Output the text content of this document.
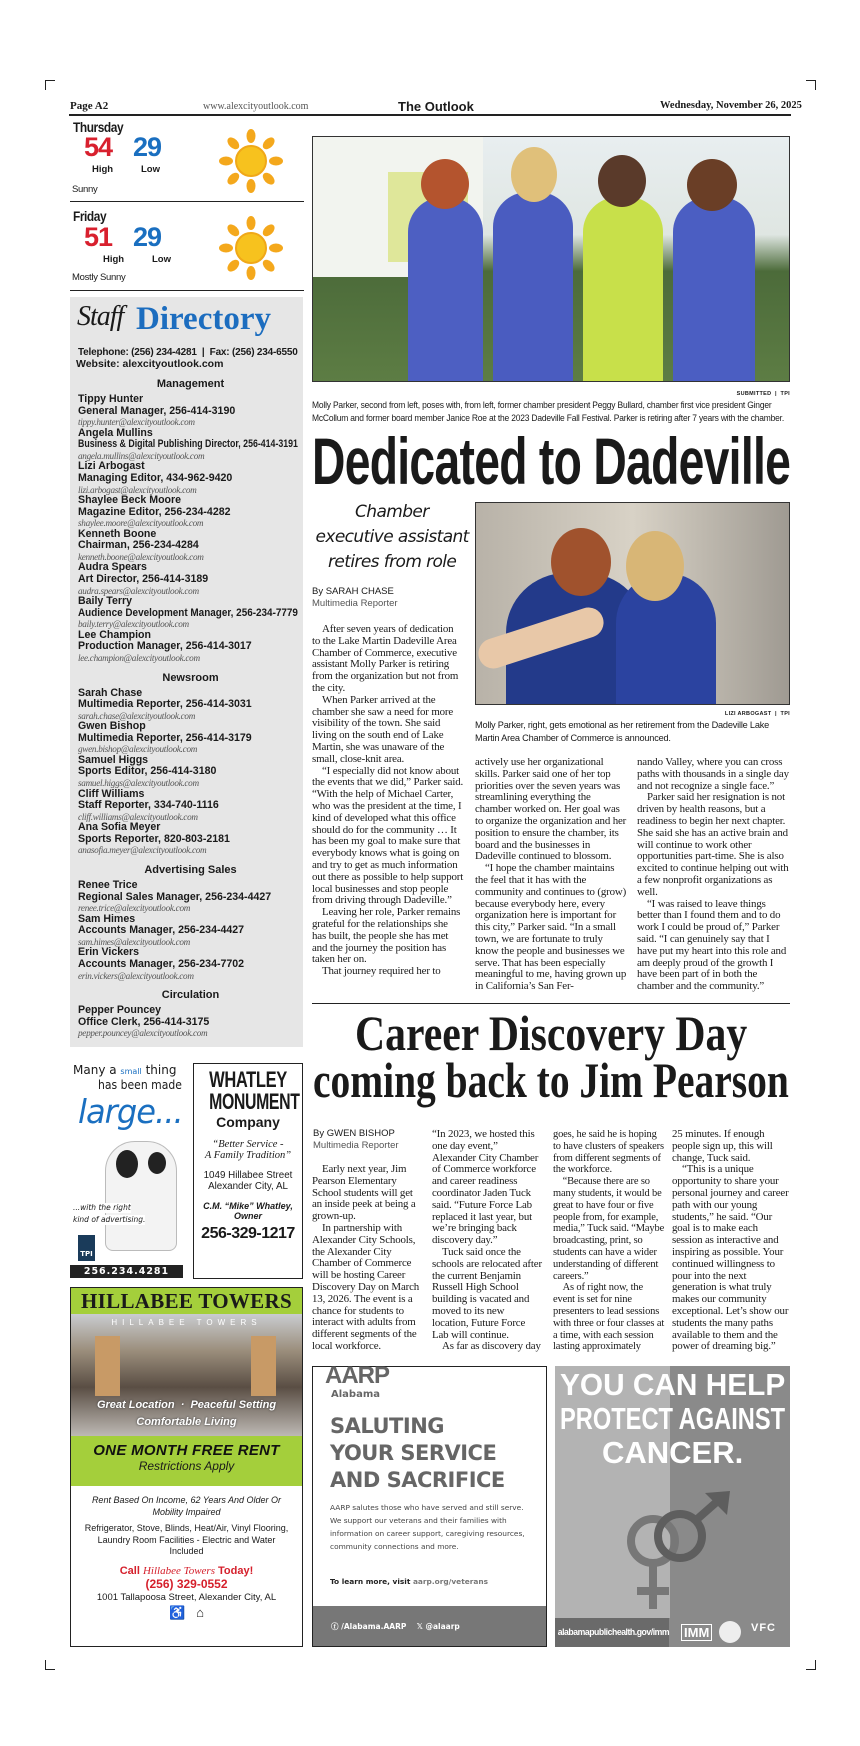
Page A2	www.alexcityoutlook.com	The Outlook	Wednesday, November 26, 2025
Thursday
54 29
High	Low
Sunny
Friday
51 29
High	Low
Mostly Sunny
Staff Directory
Telephone: (256) 234-4281  |  Fax: (256) 234-6550
Website: alexcityoutlook.com
Management
Tippy Hunter
General Manager, 256-414-3190
tippy.hunter@alexcityoutlook.com
Angela Mullins
Business & Digital Publishing Director, 256-414-3191
angela.mullins@alexcityoutlook.com
Lizi Arbogast
Managing Editor, 434-962-9420
lizi.arbogast@alexcityoutlook.com
Shaylee Beck Moore
Magazine Editor, 256-234-4282
shaylee.moore@alexcityoutlook.com
Kenneth Boone
Chairman, 256-234-4284
kenneth.boone@alexcityoutlook.com
Audra Spears
Art Director, 256-414-3189
audra.spears@alexcityoutlook.com
Baily Terry
Audience Development Manager, 256-234-7779
baily.terry@alexcityoutlook.com
Lee Champion
Production Manager, 256-414-3017
lee.champion@alexcityoutlook.com
Newsroom
Sarah Chase
Multimedia Reporter, 256-414-3031
sarah.chase@alexcityoutlook.com
Gwen Bishop
Multimedia Reporter, 256-414-3179
gwen.bishop@alexcityoutlook.com
Samuel Higgs
Sports Editor, 256-414-3180
samuel.higgs@alexcityoutlook.com
Cliff Williams
Staff Reporter, 334-740-1116
cliff.williams@alexcityoutlook.com
Ana Sofia Meyer
Sports Reporter, 820-803-2181
anasofia.meyer@alexcityoutlook.com
Advertising Sales
Renee Trice
Regional Sales Manager, 256-234-4427
renee.trice@alexcityoutlook.com
Sam Himes
Accounts Manager, 256-234-4427
sam.himes@alexcityoutlook.com
Erin Vickers
Accounts Manager, 256-234-7702
erin.vickers@alexcityoutlook.com
Circulation
Pepper Pouncey
Office Clerk, 256-414-3175
pepper.pouncey@alexcityoutlook.com
SUBMITTED  |  TPI
Molly Parker, second from left, poses with, from left, former chamber president Peggy Bullard, chamber first vice president Ginger McCollum and former board member Janice Roe at the 2023 Dadeville Fall Festival. Parker is retiring after 7 years with the chamber.
Dedicated to Dadeville
Chamber
executive assistant
retires from role
By SARAH CHASE
Multimedia Reporter
LIZI ARBOGAST  |  TPI
Molly Parker, right, gets emotional as her retirement from the Dadeville Lake Martin Area Chamber of Commerce is announced.

After seven years of dedication to the Lake Martin Dadeville Area Chamber of Commerce, executive assistant Molly Parker is retiring from the organization but not from the city.

When Parker arrived at the chamber she saw a need for more visibility of the town. She said living on the south end of Lake Martin, she was unaware of the small, close-knit area.

“I especially did not know about the events that we did,” Parker said. “With the help of Michael Carter, who was the president at the time, I kind of developed what this office should do for the community … It has been my goal to make sure that everybody knows what is going on and try to get as much information out there as possible to help support local businesses and stop people from driving through Dadeville.”

Leaving her role, Parker remains grateful for the relationships she has built, the people she has met and the journey the position has taken her on.

That journey required her to

actively use her organizational skills. Parker said one of her top priorities over the seven years was streamlining everything the chamber worked on. Her goal was to organize the organization and her position to ensure the chamber, its board and the businesses in Dadeville continued to blossom.

“I hope the chamber maintains the feel that it has with the community and continues to (grow) because everybody here, every organization here is important for this city,” Parker said. “In a small town, we are fortunate to truly know the people and businesses we serve. That has been especially meaningful to me, having grown up in California’s San Fer-

nando Valley, where you can cross paths with thousands in a single day and not recognize a single face.”

Parker said her resignation is not driven by health reasons, but a readiness to begin her next chapter. She said she has an active brain and will continue to work other opportunities part-time. She is also excited to continue helping out with a few nonprofit organizations as well.

“I was raised to leave things better than I found them and to do work I could be proud of,” Parker said. “I can genuinely say that I have put my heart into this role and am deeply proud of the growth I have been part of in both the chamber and the community.”

Career Discovery Day
coming back to Jim Pearson
By GWEN BISHOP
Multimedia Reporter

Early next year, Jim Pearson Elementary School students will get an inside peek at being a grown-up.

In partnership with Alexander City Schools, the Alexander City Chamber of Commerce will be hosting Career Discovery Day on March 13, 2026. The event is a chance for students to interact with adults from different segments of the local workforce.

“In 2023, we hosted this one day event,” Alexander City Chamber of Commerce workforce and career readiness coordinator Jaden Tuck said. “Future Force Lab replaced it last year, but we’re bringing back discovery day.”

Tuck said once the schools are relocated after the current Benjamin Russell High School building is vacated and moved to its new location, Future Force Lab will continue.

As far as discovery day

goes, he said he is hoping to have clusters of speakers from different segments of the workforce.

“Because there are so many students, it would be great to have four or five people from, for example, media,” Tuck said. “Maybe broadcasting, print, so students can have a wider understanding of different careers.”

As of right now, the event is set for nine presenters to lead sessions with three or four classes at a time, with each session lasting approximately

25 minutes. If enough people sign up, this will change, Tuck said.

“This is a unique opportunity to share your personal journey and career path with our young students,” he said. “Our goal is to make each session as interactive and inspiring as possible. Your continued willingness to pour into the next generation is what truly makes our community exceptional. Let’s show our students the many paths available to them and the power of dreaming big.”

Many a small thing
has been made
large...
...with the right
kind of advertising.
TPI
256.234.4281
WHATLEY
MONUMENT
Company
“Better Service -
A Family Tradition”
1049 Hillabee Street
Alexander City, AL
C.M. “Mike” Whatley,
Owner
256-329-1217
HILLABEE TOWERS
HILLABEE TOWERS
Great Location  ·  Peaceful Setting
Comfortable Living
ONE MONTH FREE RENT
Restrictions Apply
Rent Based On Income, 62 Years And Older Or Mobility Impaired
Refrigerator, Stove, Blinds, Heat/Air, Vinyl Flooring, Laundry Room Facilities - Electric and Water Included
Call Hillabee Towers Today!
(256) 329-0552
1001 Tallapoosa Street, Alexander City, AL
♿ ⌂
AARP
Alabama
SALUTING
YOUR SERVICE
AND SACRIFICE
AARP salutes those who have served and still serve. We support our veterans and their families with information on career support, caregiving resources, community connections and more.
To learn more, visit aarp.org/veterans
ⓕ /Alabama.AARP 𝕏 @alaarp
YOU CAN HELP
PROTECT AGAINST
CANCER.
alabamapublichealth.gov/imm IMM	VFC
